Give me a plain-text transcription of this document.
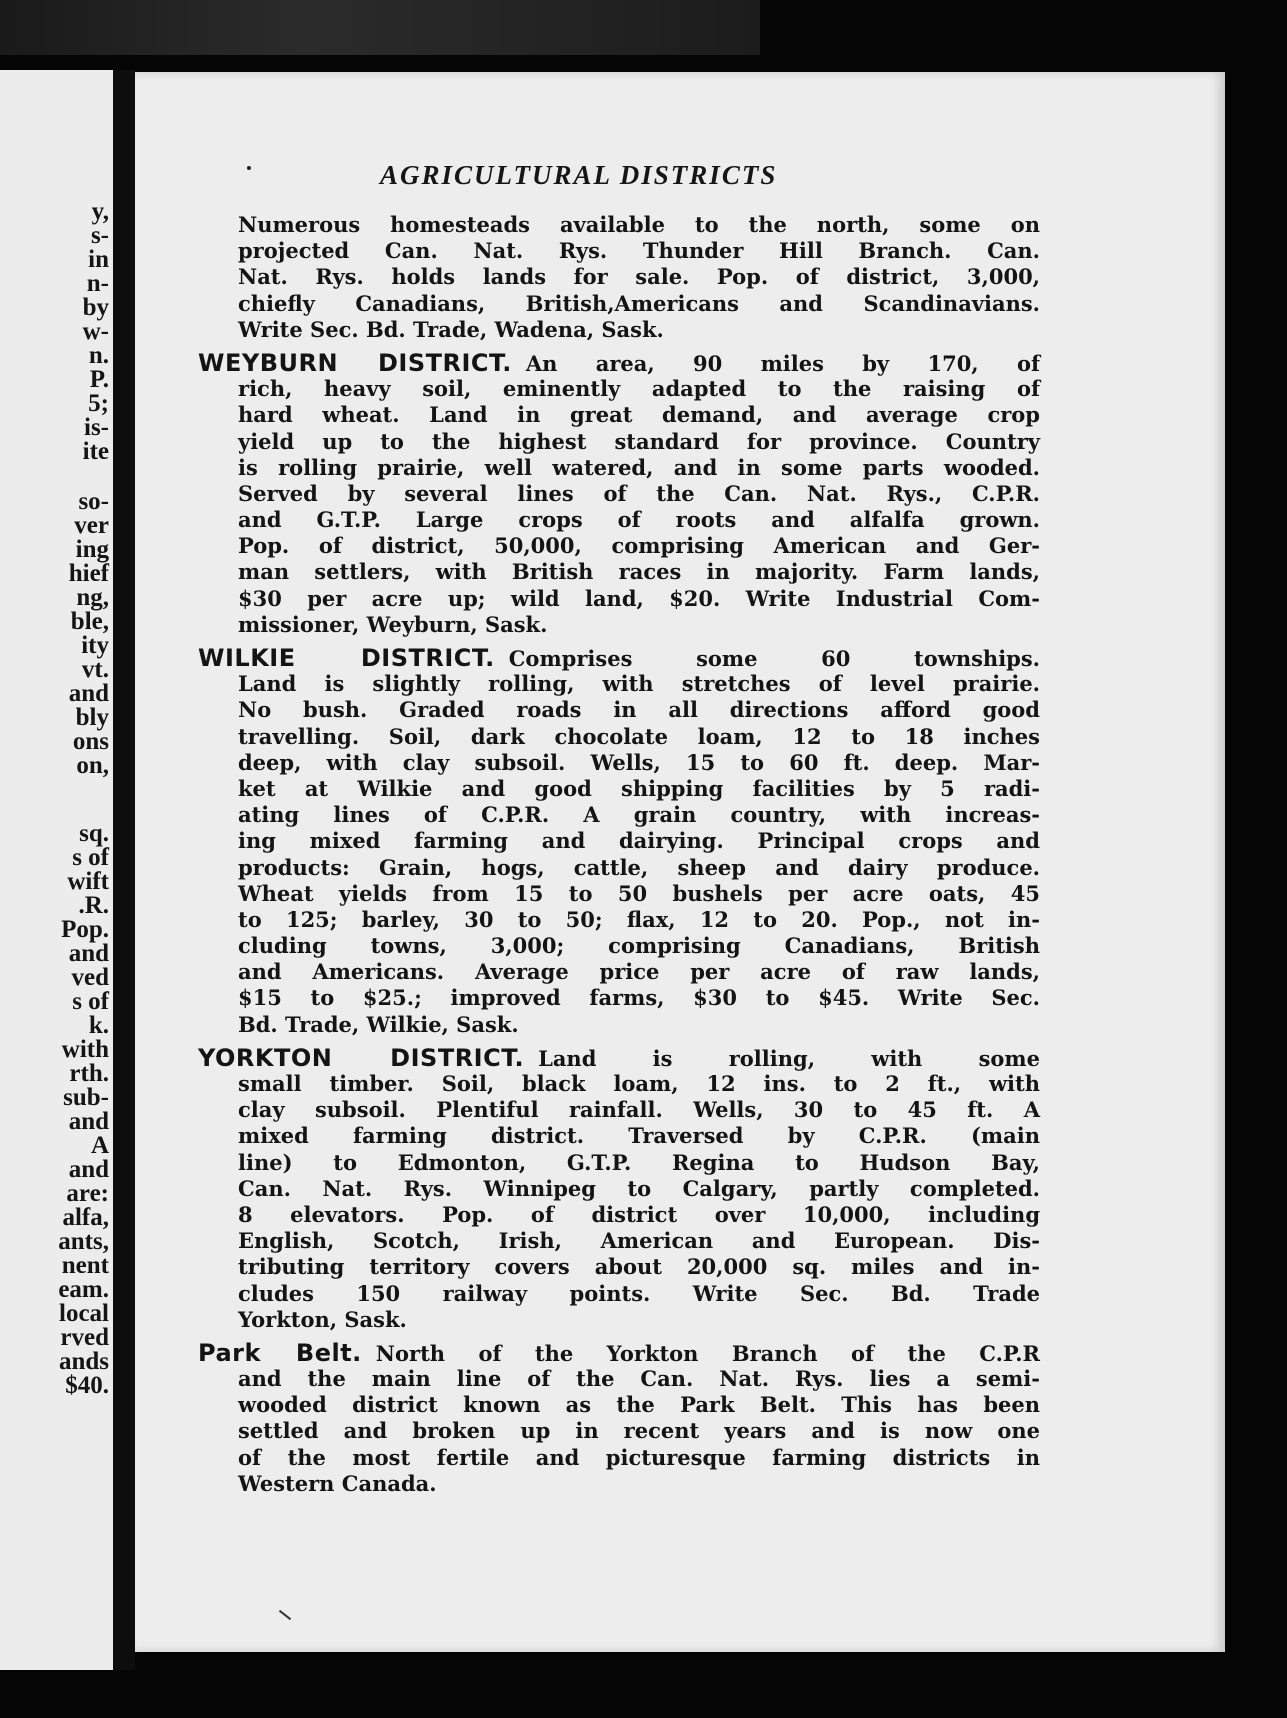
y,

s-

in

n-

by

w-

n.

P.

5;

is-

ite

so-

ver

ing

hief

ng,

ble,

ity

vt.

and

bly

ons

on,

sq.

s of

wift

.R.

Pop.

and

ved

s of

k.

with

rth.

sub-

and

A

and

are:

alfa,

ants,

nent

eam.

local

rved

ands

$40.

AGRICULTURAL DISTRICTS
Numerous homesteads available to the north, some on
projected Can. Nat. Rys. Thunder Hill Branch. Can.
Nat. Rys. holds lands for sale. Pop. of district, 3,000,
chiefly Canadians, British,Americans and Scandinavians.
Write Sec. Bd. Trade, Wadena, Sask.
WEYBURN DISTRICT. An area, 90 miles by 170, of
rich, heavy soil, eminently adapted to the raising of
hard wheat. Land in great demand, and average crop
yield up to the highest standard for province. Country
is rolling prairie, well watered, and in some parts wooded.
Served by several lines of the Can. Nat. Rys., C.P.R.
and G.T.P. Large crops of roots and alfalfa grown.
Pop. of district, 50,000, comprising American and Ger-
man settlers, with British races in majority. Farm lands,
$30 per acre up; wild land, $20. Write Industrial Com-
missioner, Weyburn, Sask.
WILKIE DISTRICT. Comprises some 60 townships.
Land is slightly rolling, with stretches of level prairie.
No bush. Graded roads in all directions afford good
travelling. Soil, dark chocolate loam, 12 to 18 inches
deep, with clay subsoil. Wells, 15 to 60 ft. deep. Mar-
ket at Wilkie and good shipping facilities by 5 radi-
ating lines of C.P.R. A grain country, with increas-
ing mixed farming and dairying. Principal crops and
products: Grain, hogs, cattle, sheep and dairy produce.
Wheat yields from 15 to 50 bushels per acre oats, 45
to 125; barley, 30 to 50; flax, 12 to 20. Pop., not in-
cluding towns, 3,000; comprising Canadians, British
and Americans. Average price per acre of raw lands,
$15 to $25.; improved farms, $30 to $45. Write Sec.
Bd. Trade, Wilkie, Sask.
YORKTON DISTRICT. Land is rolling, with some
small timber. Soil, black loam, 12 ins. to 2 ft., with
clay subsoil. Plentiful rainfall. Wells, 30 to 45 ft. A
mixed farming district. Traversed by C.P.R. (main
line) to Edmonton, G.T.P. Regina to Hudson Bay,
Can. Nat. Rys. Winnipeg to Calgary, partly completed.
8 elevators. Pop. of district over 10,000, including
English, Scotch, Irish, American and European. Dis-
tributing territory covers about 20,000 sq. miles and in-
cludes 150 railway points. Write Sec. Bd. Trade
Yorkton, Sask.
Park Belt. North of the Yorkton Branch of the C.P.R
and the main line of the Can. Nat. Rys. lies a semi-
wooded district known as the Park Belt. This has been
settled and broken up in recent years and is now one
of the most fertile and picturesque farming districts in
Western Canada.
